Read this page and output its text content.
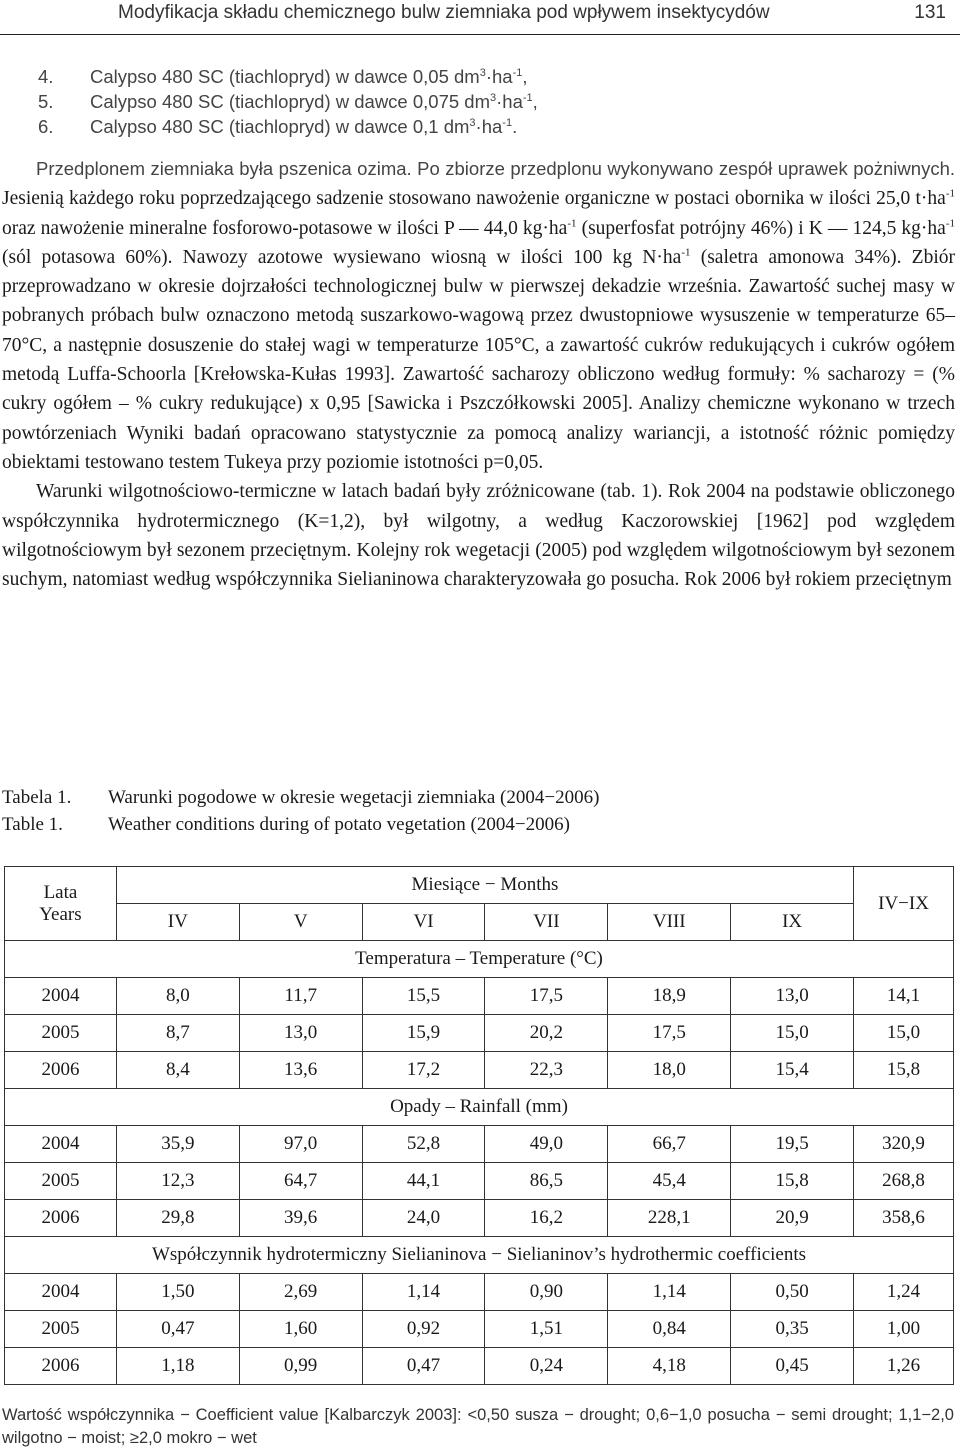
Modyfikacja składu chemicznego bulw ziemniaka pod wpływem insektycydów	131
4. Calypso 480 SC (tiachlopryd) w dawce 0,05 $dm^3\cdot ha^{-1}$,
5. Calypso 480 SC (tiachlopryd) w dawce 0,075 $dm^3\cdot ha^{-1}$,
6. Calypso 480 SC (tiachlopryd) w dawce 0,1 $dm^3\cdot ha^{-1}$.

Przedplonem ziemniaka była pszenica ozima. Po zbiorze przedplonu wykonywano zespół uprawek pożniwnych. Jesienią każdego roku poprzedzającego sadzenie stosowano nawożenie organiczne w postaci obornika w ilości 25,0 $t\cdot ha^{-1}$ oraz nawożenie mineralne fosforowo-potasowe w ilości P — 44,0 $kg\cdot ha^{-1}$ (superfosfat potrójny 46%) i K — 124,5 $kg\cdot ha^{-1}$ (sól potasowa 60%). Nawozy azotowe wysiewano wiosną w ilości 100 kg $N\cdot ha^{-1}$ (saletra amonowa 34%). Zbiór przeprowadzano w okresie dojrzałości technologicznej bulw w pierwszej dekadzie września. Zawartość suchej masy w pobranych próbach bulw oznaczono metodą suszarkowo-wagową przez dwustopniowe wysuszenie w temperaturze 65–70°C, a następnie dosuszenie do stałej wagi w temperaturze 105°C, a zawartość cukrów redukujących i cukrów ogółem metodą Luffa-Schoorla [Krełowska-Kułas 1993]. Zawartość sacharozy obliczono według formuły: % sacharozy = (% cukry ogółem – % cukry redukujące) x 0,95 [Sawicka i Pszczółkowski 2005]. Analizy chemiczne wykonano w trzech powtórzeniach Wyniki badań opracowano statystycznie za pomocą analizy wariancji, a istotność różnic pomiędzy obiektami testowano testem Tukeya przy poziomie istotności p=0,05.

Warunki wilgotnościowo-termiczne w latach badań były zróżnicowane (tab. 1). Rok 2004 na podstawie obliczonego współczynnika hydrotermicznego (K=1,2), był wilgotny, a według Kaczorowskiej [1962] pod względem wilgotnościowym był sezonem przeciętnym. Kolejny rok wegetacji (2005) pod względem wilgotnościowym był sezonem suchym, natomiast według współczynnika Sielianinowa charakteryzowała go posucha. Rok 2006 był rokiem przeciętnym

Tabela 1. Warunki pogodowe w okresie wegetacji ziemniaka (2004−2006)
Table 1. Weather conditions during of potato vegetation (2004−2006)
Lata
Years	Miesiące − Months						IV−IX
	IV	V	VI	VII	VIII	IX	
Temperatura – Temperature (°C)							
2004	8,0	11,7	15,5	17,5	18,9	13,0	14,1
2005	8,7	13,0	15,9	20,2	17,5	15,0	15,0
2006	8,4	13,6	17,2	22,3	18,0	15,4	15,8
Opady – Rainfall (mm)							
2004	35,9	97,0	52,8	49,0	66,7	19,5	320,9
2005	12,3	64,7	44,1	86,5	45,4	15,8	268,8
2006	29,8	39,6	24,0	16,2	228,1	20,9	358,6
Współczynnik hydrotermiczny Sielianinova − Sielianinov’s hydrothermic coefficients							
2004	1,50	2,69	1,14	0,90	1,14	0,50	1,24
2005	0,47	1,60	0,92	1,51	0,84	0,35	1,00
2006	1,18	0,99	0,47	0,24	4,18	0,45	1,26
Wartość współczynnika − Coefficient value [Kalbarczyk 2003]: <0,50 susza − drought; 0,6−1,0 posucha − semi drought; 1,1−2,0 wilgotno − moist; ≥2,0 mokro − wet
